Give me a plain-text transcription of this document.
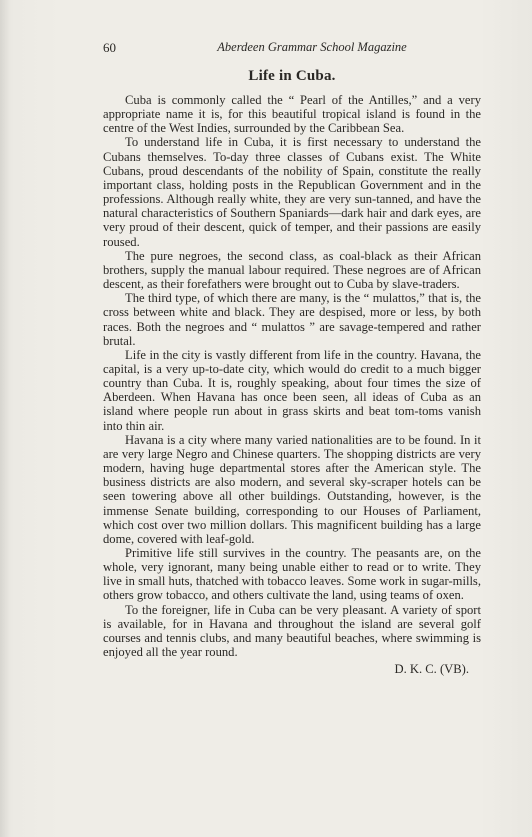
60	Aberdeen Grammar School Magazine
Life in Cuba.

Cuba is commonly called the “ Pearl of the Antilles,” and a very appropriate name it is, for this beautiful tropical island is found in the centre of the West Indies, surrounded by the Caribbean Sea.

To understand life in Cuba, it is first necessary to understand the Cubans themselves. To-day three classes of Cubans exist. The White Cubans, proud descendants of the nobility of Spain, constitute the really important class, holding posts in the Republican Government and in the professions. Although really white, they are very sun-tanned, and have the natural characteristics of Southern Spaniards—dark hair and dark eyes, are very proud of their descent, quick of temper, and their passions are easily roused.

The pure negroes, the second class, as coal-black as their African brothers, supply the manual labour required. These negroes are of African descent, as their forefathers were brought out to Cuba by slave-traders.

The third type, of which there are many, is the “ mulattos,” that is, the cross between white and black. They are despised, more or less, by both races. Both the negroes and “ mulattos ” are savage-tempered and rather brutal.

Life in the city is vastly different from life in the country. Havana, the capital, is a very up-to-date city, which would do credit to a much bigger country than Cuba. It is, roughly speaking, about four times the size of Aberdeen. When Havana has once been seen, all ideas of Cuba as an island where people run about in grass skirts and beat tom-toms vanish into thin air.

Havana is a city where many varied nationalities are to be found. In it are very large Negro and Chinese quarters. The shopping districts are very modern, having huge departmental stores after the American style. The business districts are also modern, and several sky-scraper hotels can be seen towering above all other buildings. Outstanding, however, is the immense Senate building, corresponding to our Houses of Parliament, which cost over two million dollars. This magnificent building has a large dome, covered with leaf-gold.

Primitive life still survives in the country. The peasants are, on the whole, very ignorant, many being unable either to read or to write. They live in small huts, thatched with tobacco leaves. Some work in sugar-mills, others grow tobacco, and others cultivate the land, using teams of oxen.

To the foreigner, life in Cuba can be very pleasant. A variety of sport is available, for in Havana and throughout the island are several golf courses and tennis clubs, and many beautiful beaches, where swimming is enjoyed all the year round.

D. K. C. (VB).
